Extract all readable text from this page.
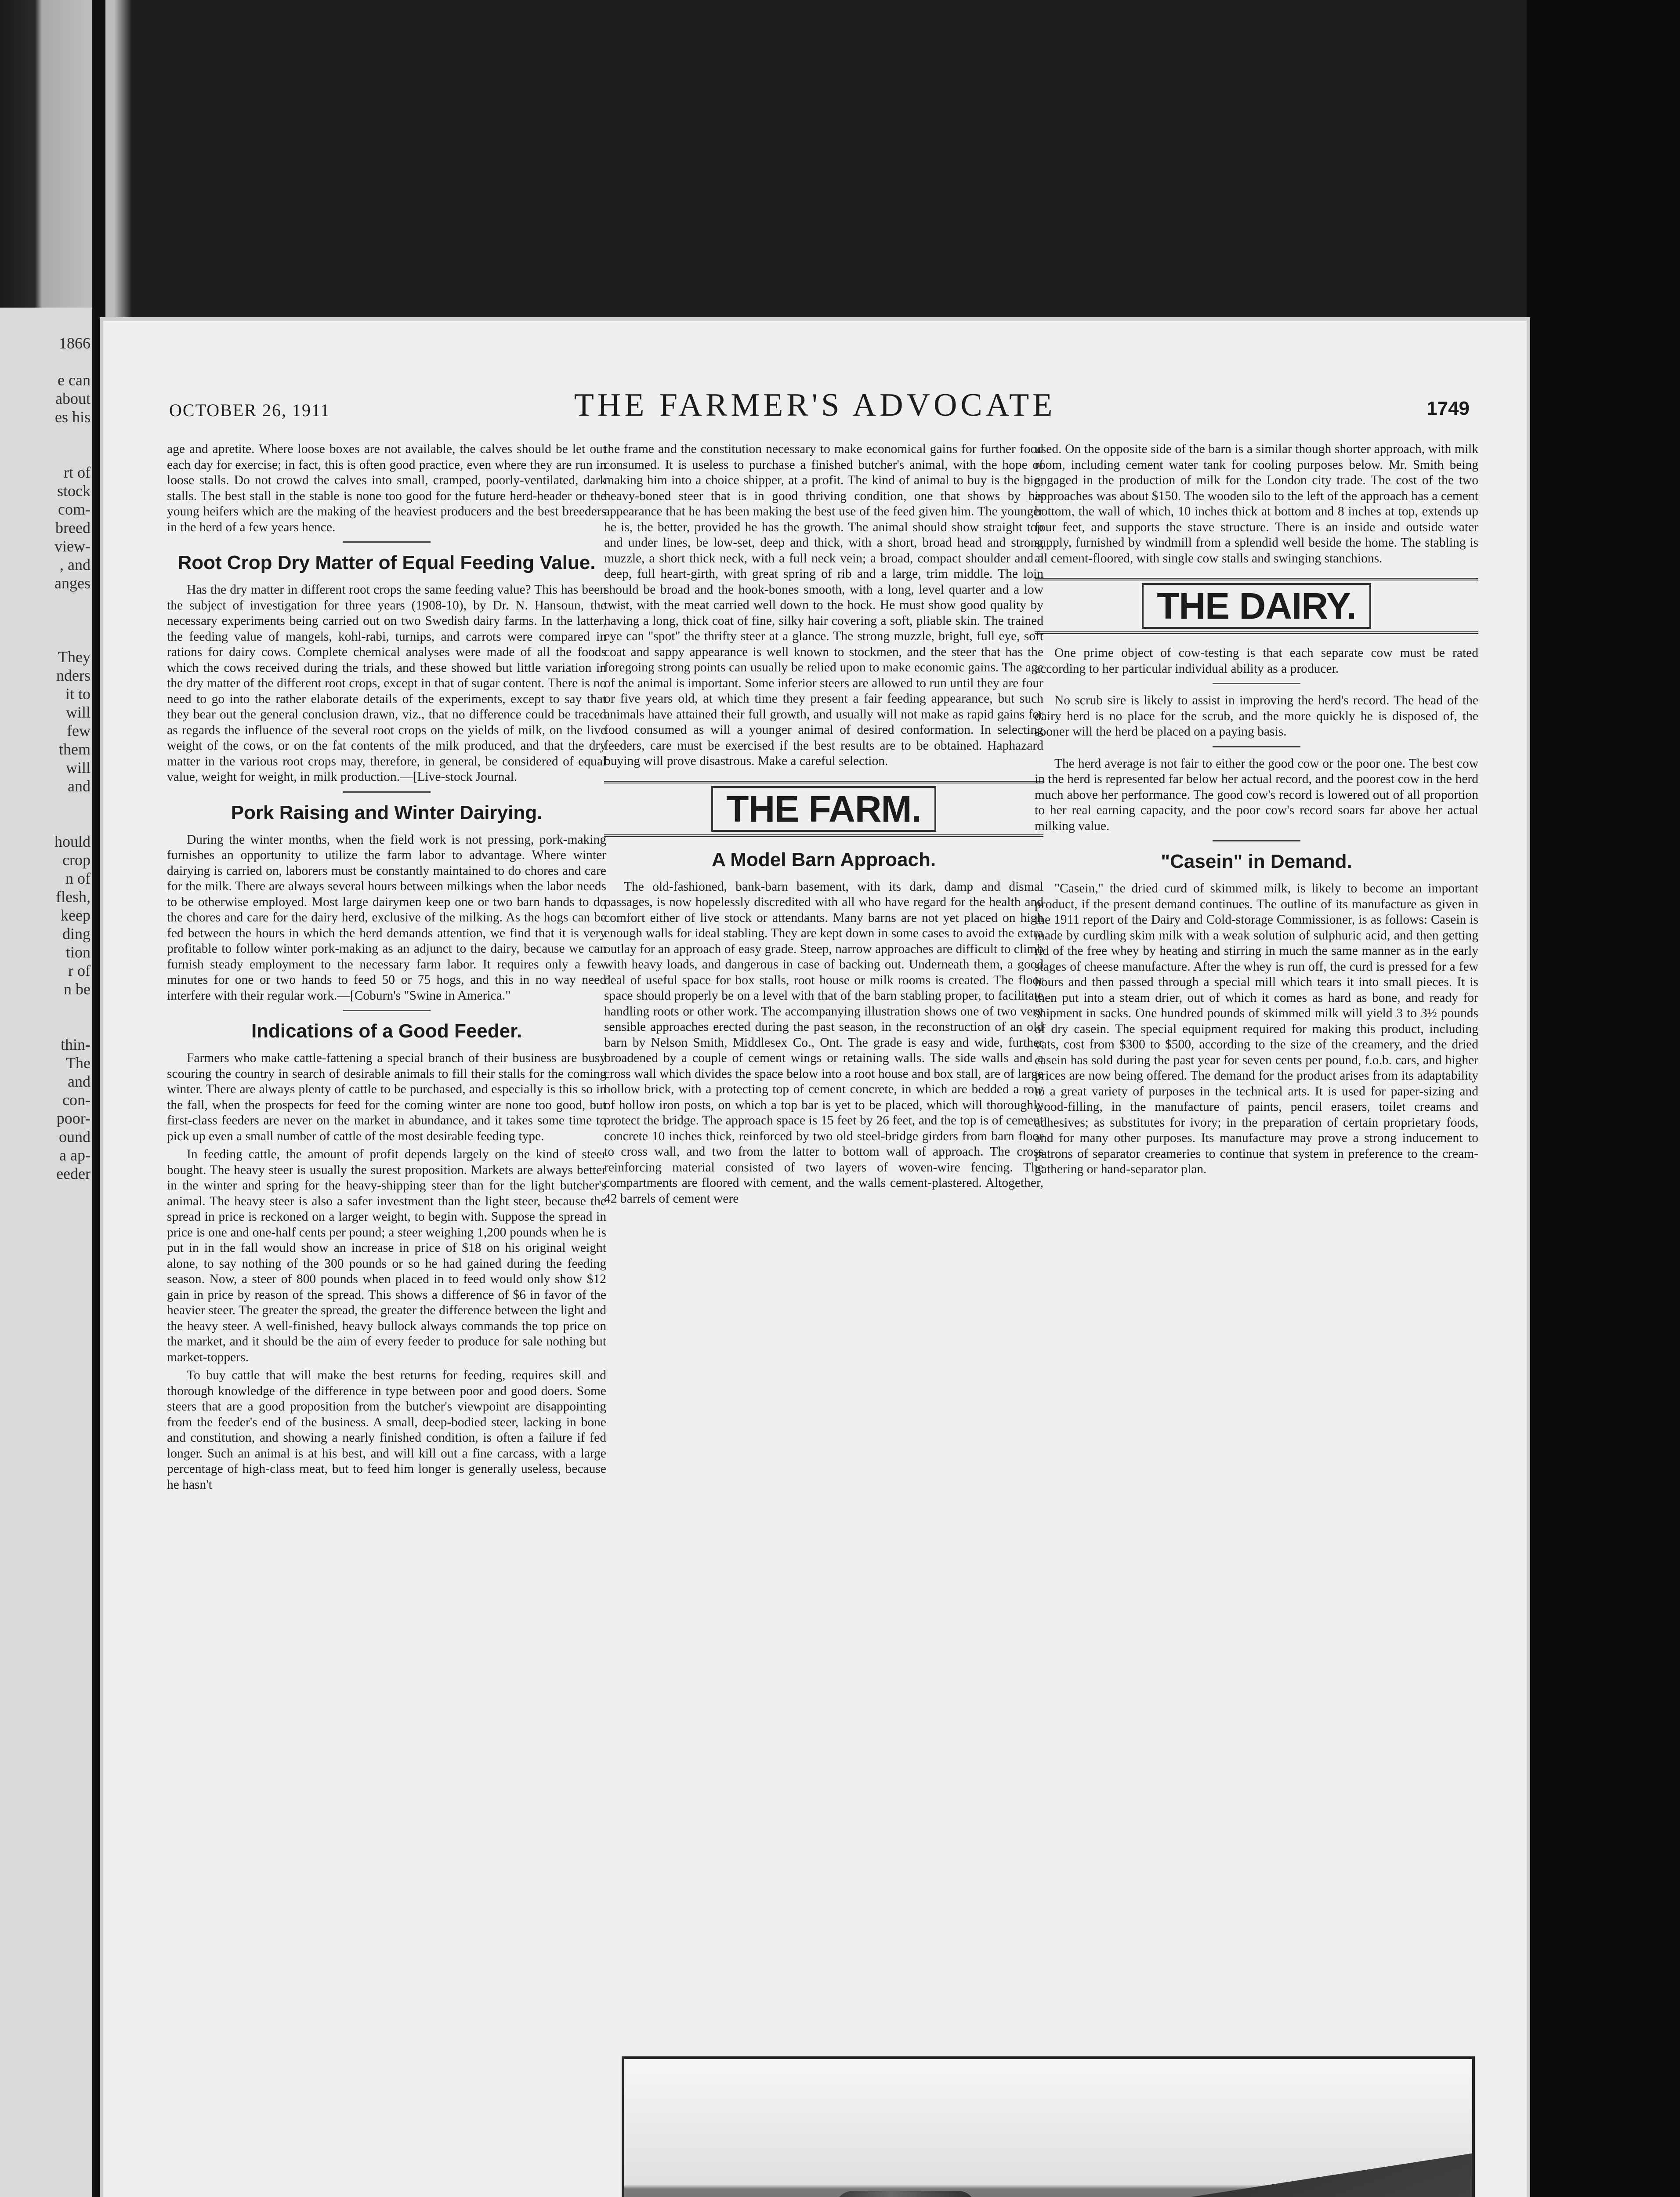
1866

e can
about
es his

rt of
stock
com-
breed
view-
, and
anges

They
nders
it to
will
few
them
will
and

hould
crop
n of
flesh,
keep
ding
tion
r of
n be

thin-
The
and
con-
poor-
ound
a ap-
eeder
OCTOBER 26, 1911	THE FARMER'S ADVOCATE	1749

age and apretite. Where loose boxes are not available, the calves should be let out each day for exercise; in fact, this is often good practice, even where they are run in loose stalls. Do not crowd the calves into small, cramped, poorly-ventilated, dark stalls. The best stall in the stable is none too good for the future herd-header or the young heifers which are the making of the heaviest producers and the best breeders in the herd of a few years hence.

Root Crop Dry Matter of Equal Feeding Value.

Has the dry matter in different root crops the same feeding value? This has been the subject of investigation for three years (1908-10), by Dr. N. Hansoun, the necessary experiments being carried out on two Swedish dairy farms. In the latter, the feeding value of mangels, kohl-rabi, turnips, and carrots were compared in rations for dairy cows. Complete chemical analyses were made of all the foods which the cows received during the trials, and these showed but little variation in the dry matter of the different root crops, except in that of sugar content. There is no need to go into the rather elaborate details of the experiments, except to say that they bear out the general conclusion drawn, viz., that no difference could be traced as regards the influence of the several root crops on the yields of milk, on the live weight of the cows, or on the fat contents of the milk produced, and that the dry matter in the various root crops may, therefore, in general, be considered of equal value, weight for weight, in milk production.—[Live-stock Journal.

Pork Raising and Winter Dairying.

During the winter months, when the field work is not pressing, pork-making furnishes an opportunity to utilize the farm labor to advantage. Where winter dairying is carried on, laborers must be constantly maintained to do chores and care for the milk. There are always several hours between milkings when the labor needs to be otherwise employed. Most large dairymen keep one or two barn hands to do the chores and care for the dairy herd, exclusive of the milking. As the hogs can be fed between the hours in which the herd demands attention, we find that it is very profitable to follow winter pork-making as an adjunct to the dairy, because we can furnish steady employment to the necessary farm labor. It requires only a few minutes for one or two hands to feed 50 or 75 hogs, and this in no way need interfere with their regular work.—[Coburn's "Swine in America."

Indications of a Good Feeder.

Farmers who make cattle-fattening a special branch of their business are busy scouring the country in search of desirable animals to fill their stalls for the coming winter. There are always plenty of cattle to be purchased, and especially is this so in the fall, when the prospects for feed for the coming winter are none too good, but first-class feeders are never on the market in abundance, and it takes some time to pick up even a small number of cattle of the most desirable feeding type.

In feeding cattle, the amount of profit depends largely on the kind of steer bought. The heavy steer is usually the surest proposition. Markets are always better in the winter and spring for the heavy-shipping steer than for the light butcher's animal. The heavy steer is also a safer investment than the light steer, because the spread in price is reckoned on a larger weight, to begin with. Suppose the spread in price is one and one-half cents per pound; a steer weighing 1,200 pounds when he is put in in the fall would show an increase in price of $18 on his original weight alone, to say nothing of the 300 pounds or so he had gained during the feeding season. Now, a steer of 800 pounds when placed in to feed would only show $12 gain in price by reason of the spread. This shows a difference of $6 in favor of the heavier steer. The greater the spread, the greater the difference between the light and the heavy steer. A well-finished, heavy bullock always commands the top price on the market, and it should be the aim of every feeder to produce for sale nothing but market-toppers.

To buy cattle that will make the best returns for feeding, requires skill and thorough knowledge of the difference in type between poor and good doers. Some steers that are a good proposition from the butcher's viewpoint are disappointing from the feeder's end of the business. A small, deep-bodied steer, lacking in bone and constitution, and showing a nearly finished condition, is often a failure if fed longer. Such an animal is at his best, and will kill out a fine carcass, with a large percentage of high-class meat, but to feed him longer is generally useless, because he hasn't

the frame and the constitution necessary to make economical gains for further food consumed. It is useless to purchase a finished butcher's animal, with the hope of making him into a choice shipper, at a profit. The kind of animal to buy is the big, heavy-boned steer that is in good thriving condition, one that shows by his appearance that he has been making the best use of the feed given him. The younger he is, the better, provided he has the growth. The animal should show straight top and under lines, be low-set, deep and thick, with a short, broad head and strong muzzle, a short thick neck, with a full neck vein; a broad, compact shoulder and a deep, full heart-girth, with great spring of rib and a large, trim middle. The loin should be broad and the hook-bones smooth, with a long, level quarter and a low twist, with the meat carried well down to the hock. He must show good quality by having a long, thick coat of fine, silky hair covering a soft, pliable skin. The trained eye can "spot" the thrifty steer at a glance. The strong muzzle, bright, full eye, soft coat and sappy appearance is well known to stockmen, and the steer that has the foregoing strong points can usually be relied upon to make economic gains. The age of the animal is important. Some inferior steers are allowed to run until they are four or five years old, at which time they present a fair feeding appearance, but such animals have attained their full growth, and usually will not make as rapid gains for food consumed as will a younger animal of desired conformation. In selecting feeders, care must be exercised if the best results are to be obtained. Haphazard buying will prove disastrous. Make a careful selection.

THE FARM.
A Model Barn Approach.

The old-fashioned, bank-barn basement, with its dark, damp and dismal passages, is now hopelessly discredited with all who have regard for the health and comfort either of live stock or attendants. Many barns are not yet placed on high enough walls for ideal stabling. They are kept down in some cases to avoid the extra outlay for an approach of easy grade. Steep, narrow approaches are difficult to climb with heavy loads, and dangerous in case of backing out. Underneath them, a good deal of useful space for box stalls, root house or milk rooms is created. The floor space should properly be on a level with that of the barn stabling proper, to facilitate handling roots or other work. The accompanying illustration shows one of two very sensible approaches erected during the past season, in the reconstruction of an old barn by Nelson Smith, Middlesex Co., Ont. The grade is easy and wide, further broadened by a couple of cement wings or retaining walls. The side walls and a cross wall which divides the space below into a root house and box stall, are of large hollow brick, with a protecting top of cement concrete, in which are bedded a row of hollow iron posts, on which a top bar is yet to be placed, which will thoroughly protect the bridge. The approach space is 15 feet by 26 feet, and the top is of cement concrete 10 inches thick, reinforced by two old steel-bridge girders from barn floor to cross wall, and two from the latter to bottom wall of approach. The cross reinforcing material consisted of two layers of woven-wire fencing. The compartments are floored with cement, and the walls cement-plastered. Altogether, 42 barrels of cement were

used. On the opposite side of the barn is a similar though shorter approach, with milk room, including cement water tank for cooling purposes below. Mr. Smith being engaged in the production of milk for the London city trade. The cost of the two approaches was about $150. The wooden silo to the left of the approach has a cement bottom, the wall of which, 10 inches thick at bottom and 8 inches at top, extends up four feet, and supports the stave structure. There is an inside and outside water supply, furnished by windmill from a splendid well beside the home. The stabling is all cement-floored, with single cow stalls and swinging stanchions.

THE DAIRY.

One prime object of cow-testing is that each separate cow must be rated according to her particular individual ability as a producer.

No scrub sire is likely to assist in improving the herd's record. The head of the dairy herd is no place for the scrub, and the more quickly he is disposed of, the sooner will the herd be placed on a paying basis.

The herd average is not fair to either the good cow or the poor one. The best cow in the herd is represented far below her actual record, and the poorest cow in the herd much above her performance. The good cow's record is lowered out of all proportion to her real earning capacity, and the poor cow's record soars far above her actual milking value.

"Casein" in Demand.

"Casein," the dried curd of skimmed milk, is likely to become an important product, if the present demand continues. The outline of its manufacture as given in the 1911 report of the Dairy and Cold-storage Commissioner, is as follows: Casein is made by curdling skim milk with a weak solution of sulphuric acid, and then getting rid of the free whey by heating and stirring in much the same manner as in the early stages of cheese manufacture. After the whey is run off, the curd is pressed for a few hours and then passed through a special mill which tears it into small pieces. It is then put into a steam drier, out of which it comes as hard as bone, and ready for shipment in sacks. One hundred pounds of skimmed milk will yield 3 to 3½ pounds of dry casein. The special equipment required for making this product, including vats, cost from $300 to $500, according to the size of the creamery, and the dried casein has sold during the past year for seven cents per pound, f.o.b. cars, and higher prices are now being offered. The demand for the product arises from its adaptability to a great variety of purposes in the technical arts. It is used for paper-sizing and wood-filling, in the manufacture of paints, pencil erasers, toilet creams and adhesives; as substitutes for ivory; in the preparation of certain proprietary foods, and for many other purposes. Its manufacture may prove a strong inducement to patrons of separator creameries to continue that system in preference to the cream-gathering or hand-separator plan.
